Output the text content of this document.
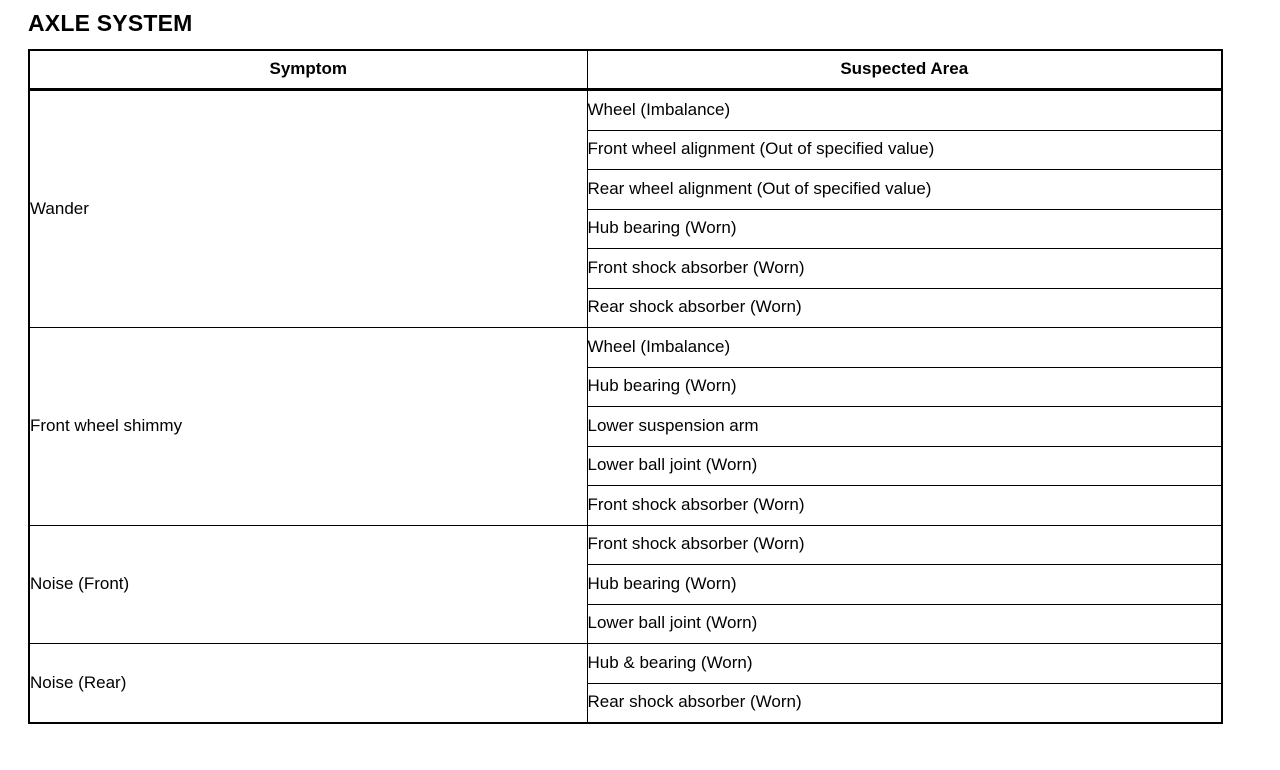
AXLE SYSTEM
Symptom	Suspected Area

Wander	Wheel (Imbalance)

	Front wheel alignment (Out of specified value)

	Rear wheel alignment (Out of specified value)

	Hub bearing (Worn)

	Front shock absorber (Worn)

	Rear shock absorber (Worn)

Front wheel shimmy	Wheel (Imbalance)

	Hub bearing (Worn)

	Lower suspension arm

	Lower ball joint (Worn)

	Front shock absorber (Worn)

Noise (Front)	Front shock absorber (Worn)

	Hub bearing (Worn)

	Lower ball joint (Worn)

Noise (Rear)	Hub & bearing (Worn)

	Rear shock absorber (Worn)
